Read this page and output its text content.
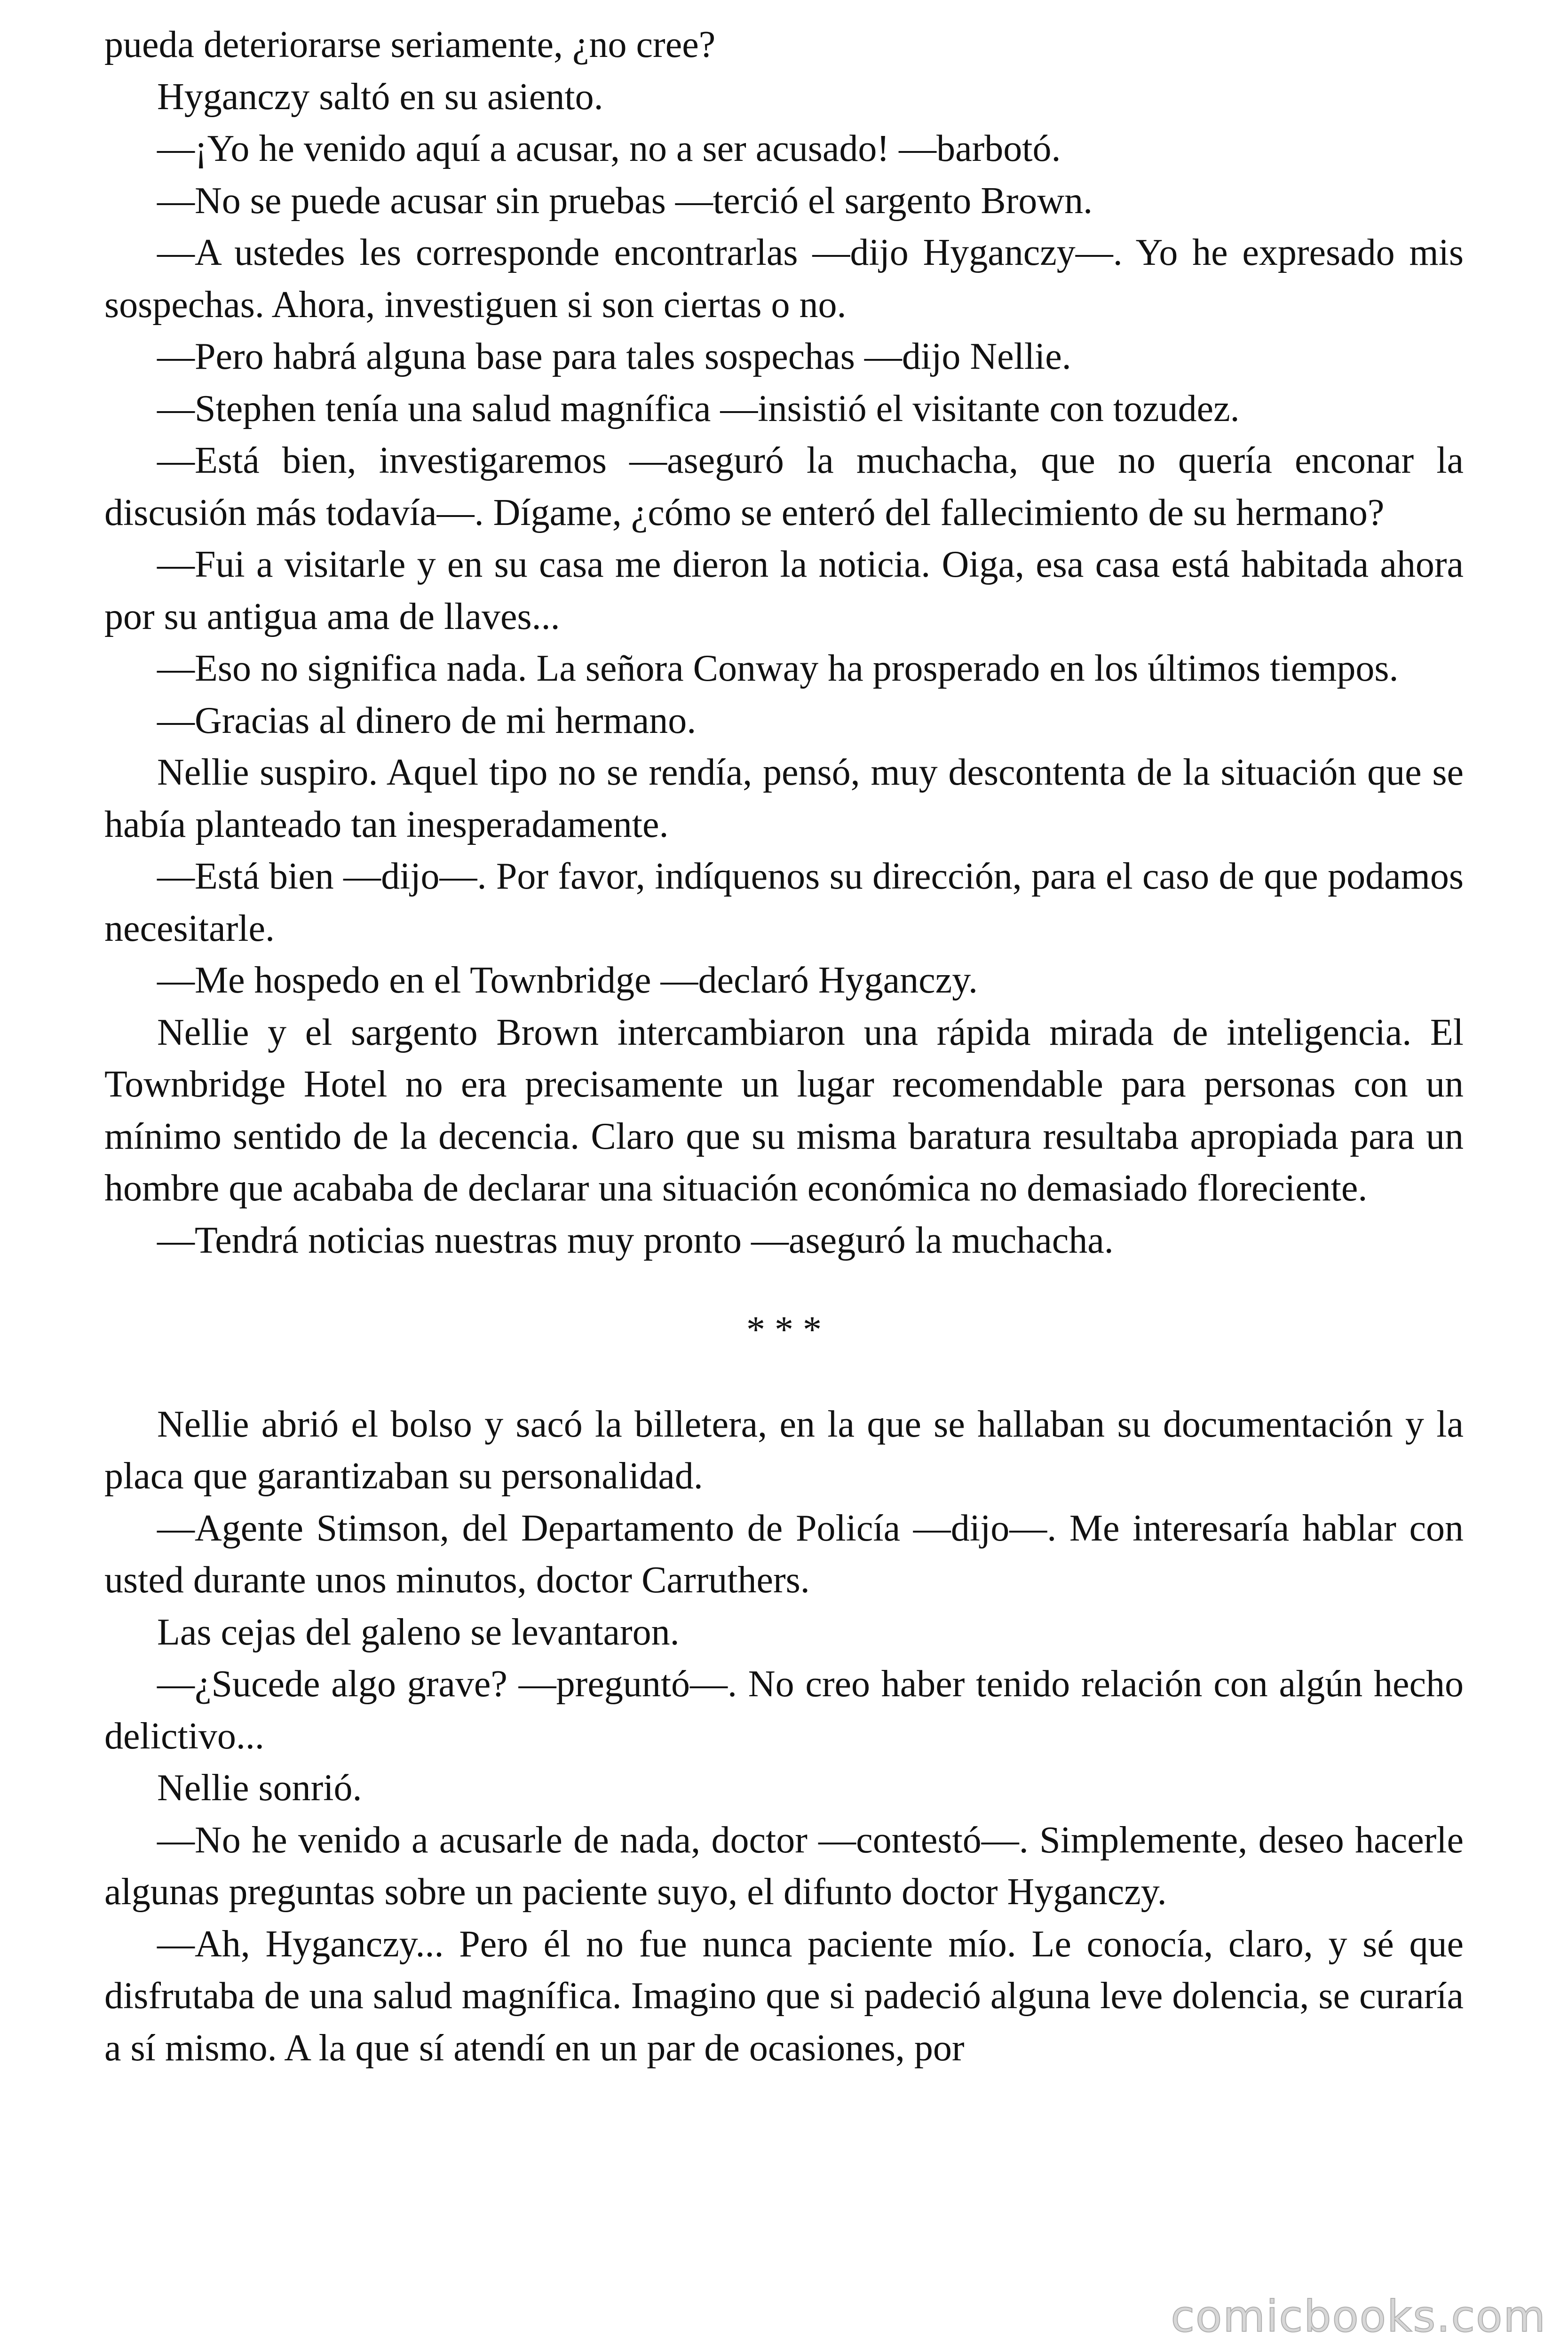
pueda deteriorarse seriamente, ¿no cree?

Hyganczy saltó en su asiento.

—¡Yo he venido aquí a acusar, no a ser acusado! —barbotó.

—No se puede acusar sin pruebas —terció el sargento Brown.

—A ustedes les corresponde encontrarlas —dijo Hyganczy—. Yo he expresado mis sospechas. Ahora, investiguen si son ciertas o no.

—Pero habrá alguna base para tales sospechas —dijo Nellie.

—Stephen tenía una salud magnífica —insistió el visitante con tozudez.

—Está bien, investigaremos —aseguró la muchacha, que no quería enconar la discusión más todavía—. Dígame, ¿cómo se enteró del fallecimiento de su hermano?

—Fui a visitarle y en su casa me dieron la noticia. Oiga, esa casa está habitada ahora por su antigua ama de llaves...

—Eso no significa nada. La señora Conway ha prosperado en los últimos tiempos.

—Gracias al dinero de mi hermano.

Nellie suspiro. Aquel tipo no se rendía, pensó, muy descontenta de la situación que se había planteado tan inesperadamente.

—Está bien —dijo—. Por favor, indíquenos su dirección, para el caso de que podamos necesitarle.

—Me hospedo en el Townbridge —declaró Hyganczy.

Nellie y el sargento Brown intercambiaron una rápida mirada de inteligencia. El Townbridge Hotel no era precisamente un lugar recomendable para personas con un mínimo sentido de la decencia. Claro que su misma baratura resultaba apropiada para un hombre que acababa de declarar una situación económica no demasiado floreciente.

—Tendrá noticias nuestras muy pronto —aseguró la muchacha.

* * *

Nellie abrió el bolso y sacó la billetera, en la que se hallaban su documentación y la placa que garantizaban su personalidad.

—Agente Stimson, del Departamento de Policía —dijo—. Me interesaría hablar con usted durante unos minutos, doctor Carruthers.

Las cejas del galeno se levantaron.

—¿Sucede algo grave? —preguntó—. No creo haber tenido relación con algún hecho delictivo...

Nellie sonrió.

—No he venido a acusarle de nada, doctor —contestó—. Simplemente, deseo hacerle algunas preguntas sobre un paciente suyo, el difunto doctor Hyganczy.

—Ah, Hyganczy... Pero él no fue nunca paciente mío. Le conocía, claro, y sé que disfrutaba de una salud magnífica. Imagino que si padeció alguna leve dolencia, se curaría a sí mismo. A la que sí atendí en un par de ocasiones, por

comicbooks.com
